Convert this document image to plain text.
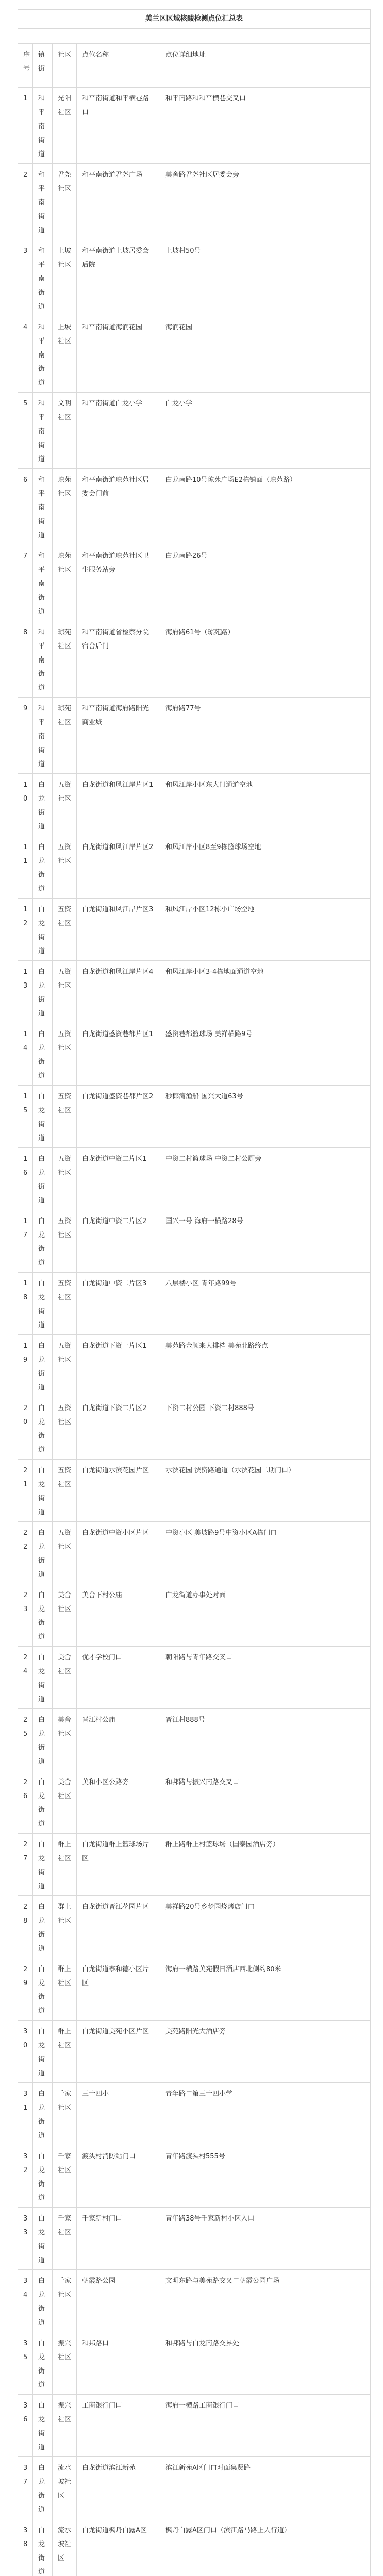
美兰区区域核酸检测点位汇总表				

序号	镇街	社区	点位名称	点位详细地址
1	和平南街道	光阳社区	和平南街道和平横巷路口	和平南路和和平横巷交叉口
2	和平南街道	君尧社区	和平南街道君尧广场	美舍路君尧社区居委会旁
3	和平南街道	上坡社区	和平南街道上坡居委会后院	上坡村50号
4	和平南街道	上坡社区	和平南街道海润花园	海润花园
5	和平南街道	文明社区	和平南街道白龙小学	白龙小学
6	和平南街道	琼苑社区	和平南街道琼苑社区居委会门前	白龙南路10号琼苑广场E2栋铺面（琼苑路）
7	和平南街道	琼苑社区	和平南街道琼苑社区卫生服务站旁	白龙南路26号
8	和平南街道	琼苑社区	和平南街道省检察分院宿舍后门	海府路61号（琼苑路）
9	和平南街道	琼苑社区	和平南街道海府路阳光商业城	海府路77号
10	白龙街道	五资社区	白龙街道和风江岸片区1	和风江岸小区东大门通道空地
11	白龙街道	五资社区	白龙街道和风江岸片区2	和风江岸小区8至9栋篮球场空地
12	白龙街道	五资社区	白龙街道和风江岸片区3	和风江岸小区12栋小广场空地
13	白龙街道	五资社区	白龙街道和风江岸片区4	和风江岸小区3-4栋地面通道空地
14	白龙街道	五资社区	白龙街道盛资巷都片区1	盛资巷都篮球场 美祥横路9号
15	白龙街道	五资社区	白龙街道盛资巷都片区2	秒椰湾渔船 国兴大道63号
16	白龙街道	五资社区	白龙街道中资二片区1	中资二村篮球场 中资二村公厕旁
17	白龙街道	五资社区	白龙街道中资二片区2	国兴一号 海府一横路28号
18	白龙街道	五资社区	白龙街道中资二片区3	八层楼小区 青年路99号
19	白龙街道	五资社区	白龙街道下资一片区1	美苑路金顺来大排档 美苑北路终点
20	白龙街道	五资社区	白龙街道下资二片区2	下资二村公园 下资二村888号
21	白龙街道	五资社区	白龙街道水滨花园片区	水滨花园 滨资路通道（水滨花园二期门口）
22	白龙街道	五资社区	白龙街道中资小区片区	中资小区 美坡路9号中资小区A栋门口
23	白龙街道	美舍社区	美舍下村公庙	白龙街道办事处对面
24	白龙街道	美舍社区	优才学校门口	朝阳路与青年路交叉口
25	白龙街道	美舍社区	晋江村公庙	晋江村888号
26	白龙街道	美舍社区	美和小区公路旁	和邦路与振兴南路交叉口
27	白龙街道	群上社区	白龙街道群上篮球场片区	群上路群上村篮球场（国泰园酒店旁）
28	白龙街道	群上社区	白龙街道晋江花园片区	美祥路20号乡梦园烧烤店门口
29	白龙街道	群上社区	白龙街道泰和德小区片区	海府一横路美苑假日酒店西北侧约80米
30	白龙街道	群上社区	白龙街道美苑小区片区	美苑路阳光大酒店旁
31	白龙街道	千家社区	三十四小	青年路口第三十四小学
32	白龙街道	千家社区	渡头村消防站门口	青年路渡头村555号
33	白龙街道	千家社区	千家新村门口	青年路38号千家新村小区入口
34	白龙街道	千家社区	朝霞路公园	文明东路与美苑路交叉口朝霞公园广场
35	白龙街道	振兴社区	和邦路口	和邦路与白龙南路交界处
36	白龙街道	振兴社区	工商银行门口	海府一横路工商银行门口
37	白龙街道	流水坡社区	白龙街道滨江新苑	滨江新苑A区门口对面集贤路
38	白龙街道	流水坡社区	白龙街道枫丹白露A区	枫丹白露A区门口（滨江路马路上人行道）
